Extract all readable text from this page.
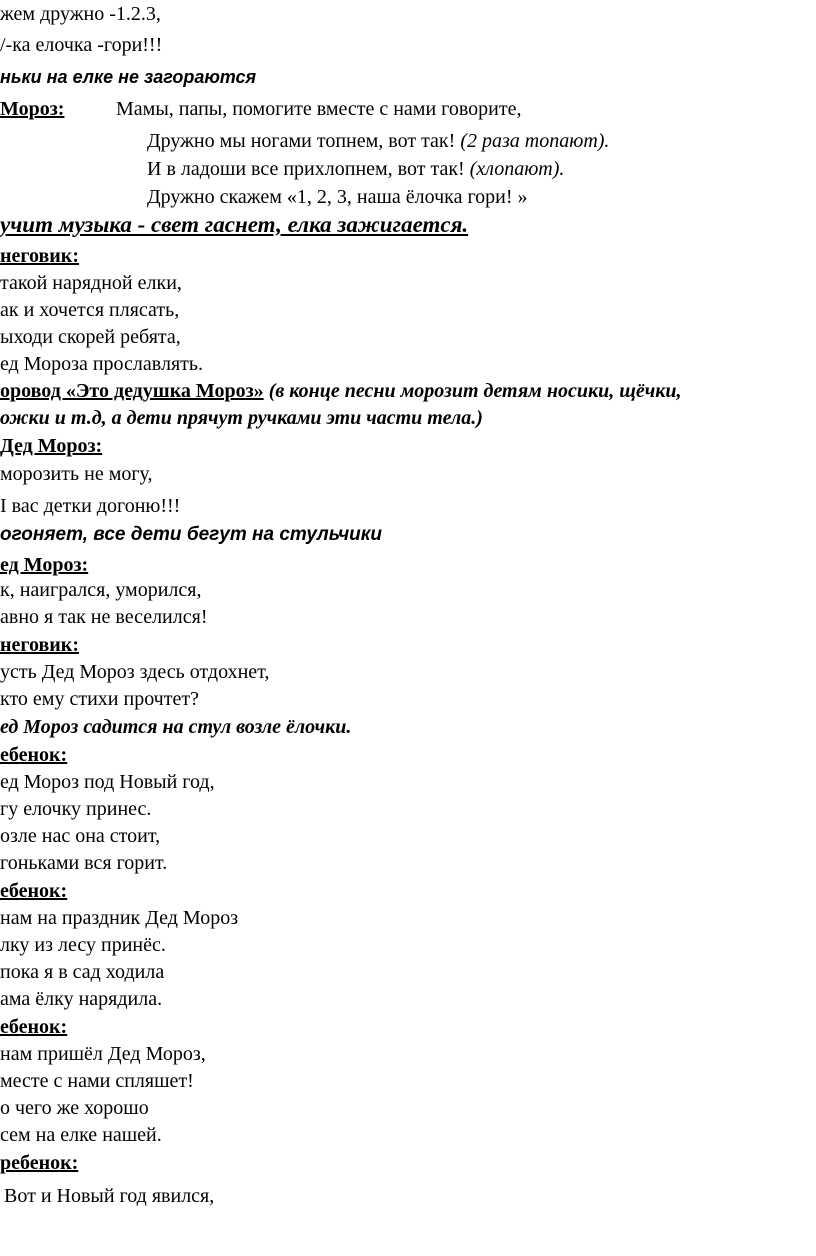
жем дружно -1.2.3,

/-ка елочка -гори!!!

ньки на елке не загораются

Мороз:	Мамы, папы, помогите вместе с нами говорите,

Дружно мы ногами топнем, вот так! (2 раза топают).

И в ладоши все прихлопнем, вот так! (хлопают).

Дружно скажем «1, 2, 3, наша ёлочка гори! »

учит музыка - свет гаснет, елка зажигается.

неговик:

такой нарядной елки,

ак и хочется плясать,

ыходи скорей ребята,

ед Мороза прославлять.

оровод «Это дедушка Мороз» (в конце песни морозит детям носики, щёчки,

ожки и т.д, а дети прячут ручками эти части тела.)

Дед Мороз:

морозить не могу,

I вас детки догоню!!!

огоняет, все дети бегут на стульчики

ед Мороз:

к, наигрался, уморился,

авно я так не веселился!

неговик:

усть Дед Мороз здесь отдохнет,

кто ему стихи прочтет?

ед Мороз садится на стул возле ёлочки.

ебенок:

ед Мороз под Новый год,

гу елочку принес.

озле нас она стоит,

гоньками вся горит.

ебенок:

нам на праздник Дед Мороз

лку из лесу принёс.

пока я в сад ходила

ама ёлку нарядила.

ебенок:

нам пришёл Дед Мороз,

месте с нами спляшет!

о чего же хорошо

сем на елке нашей.

ребенок:

Вот и Новый год явился,
